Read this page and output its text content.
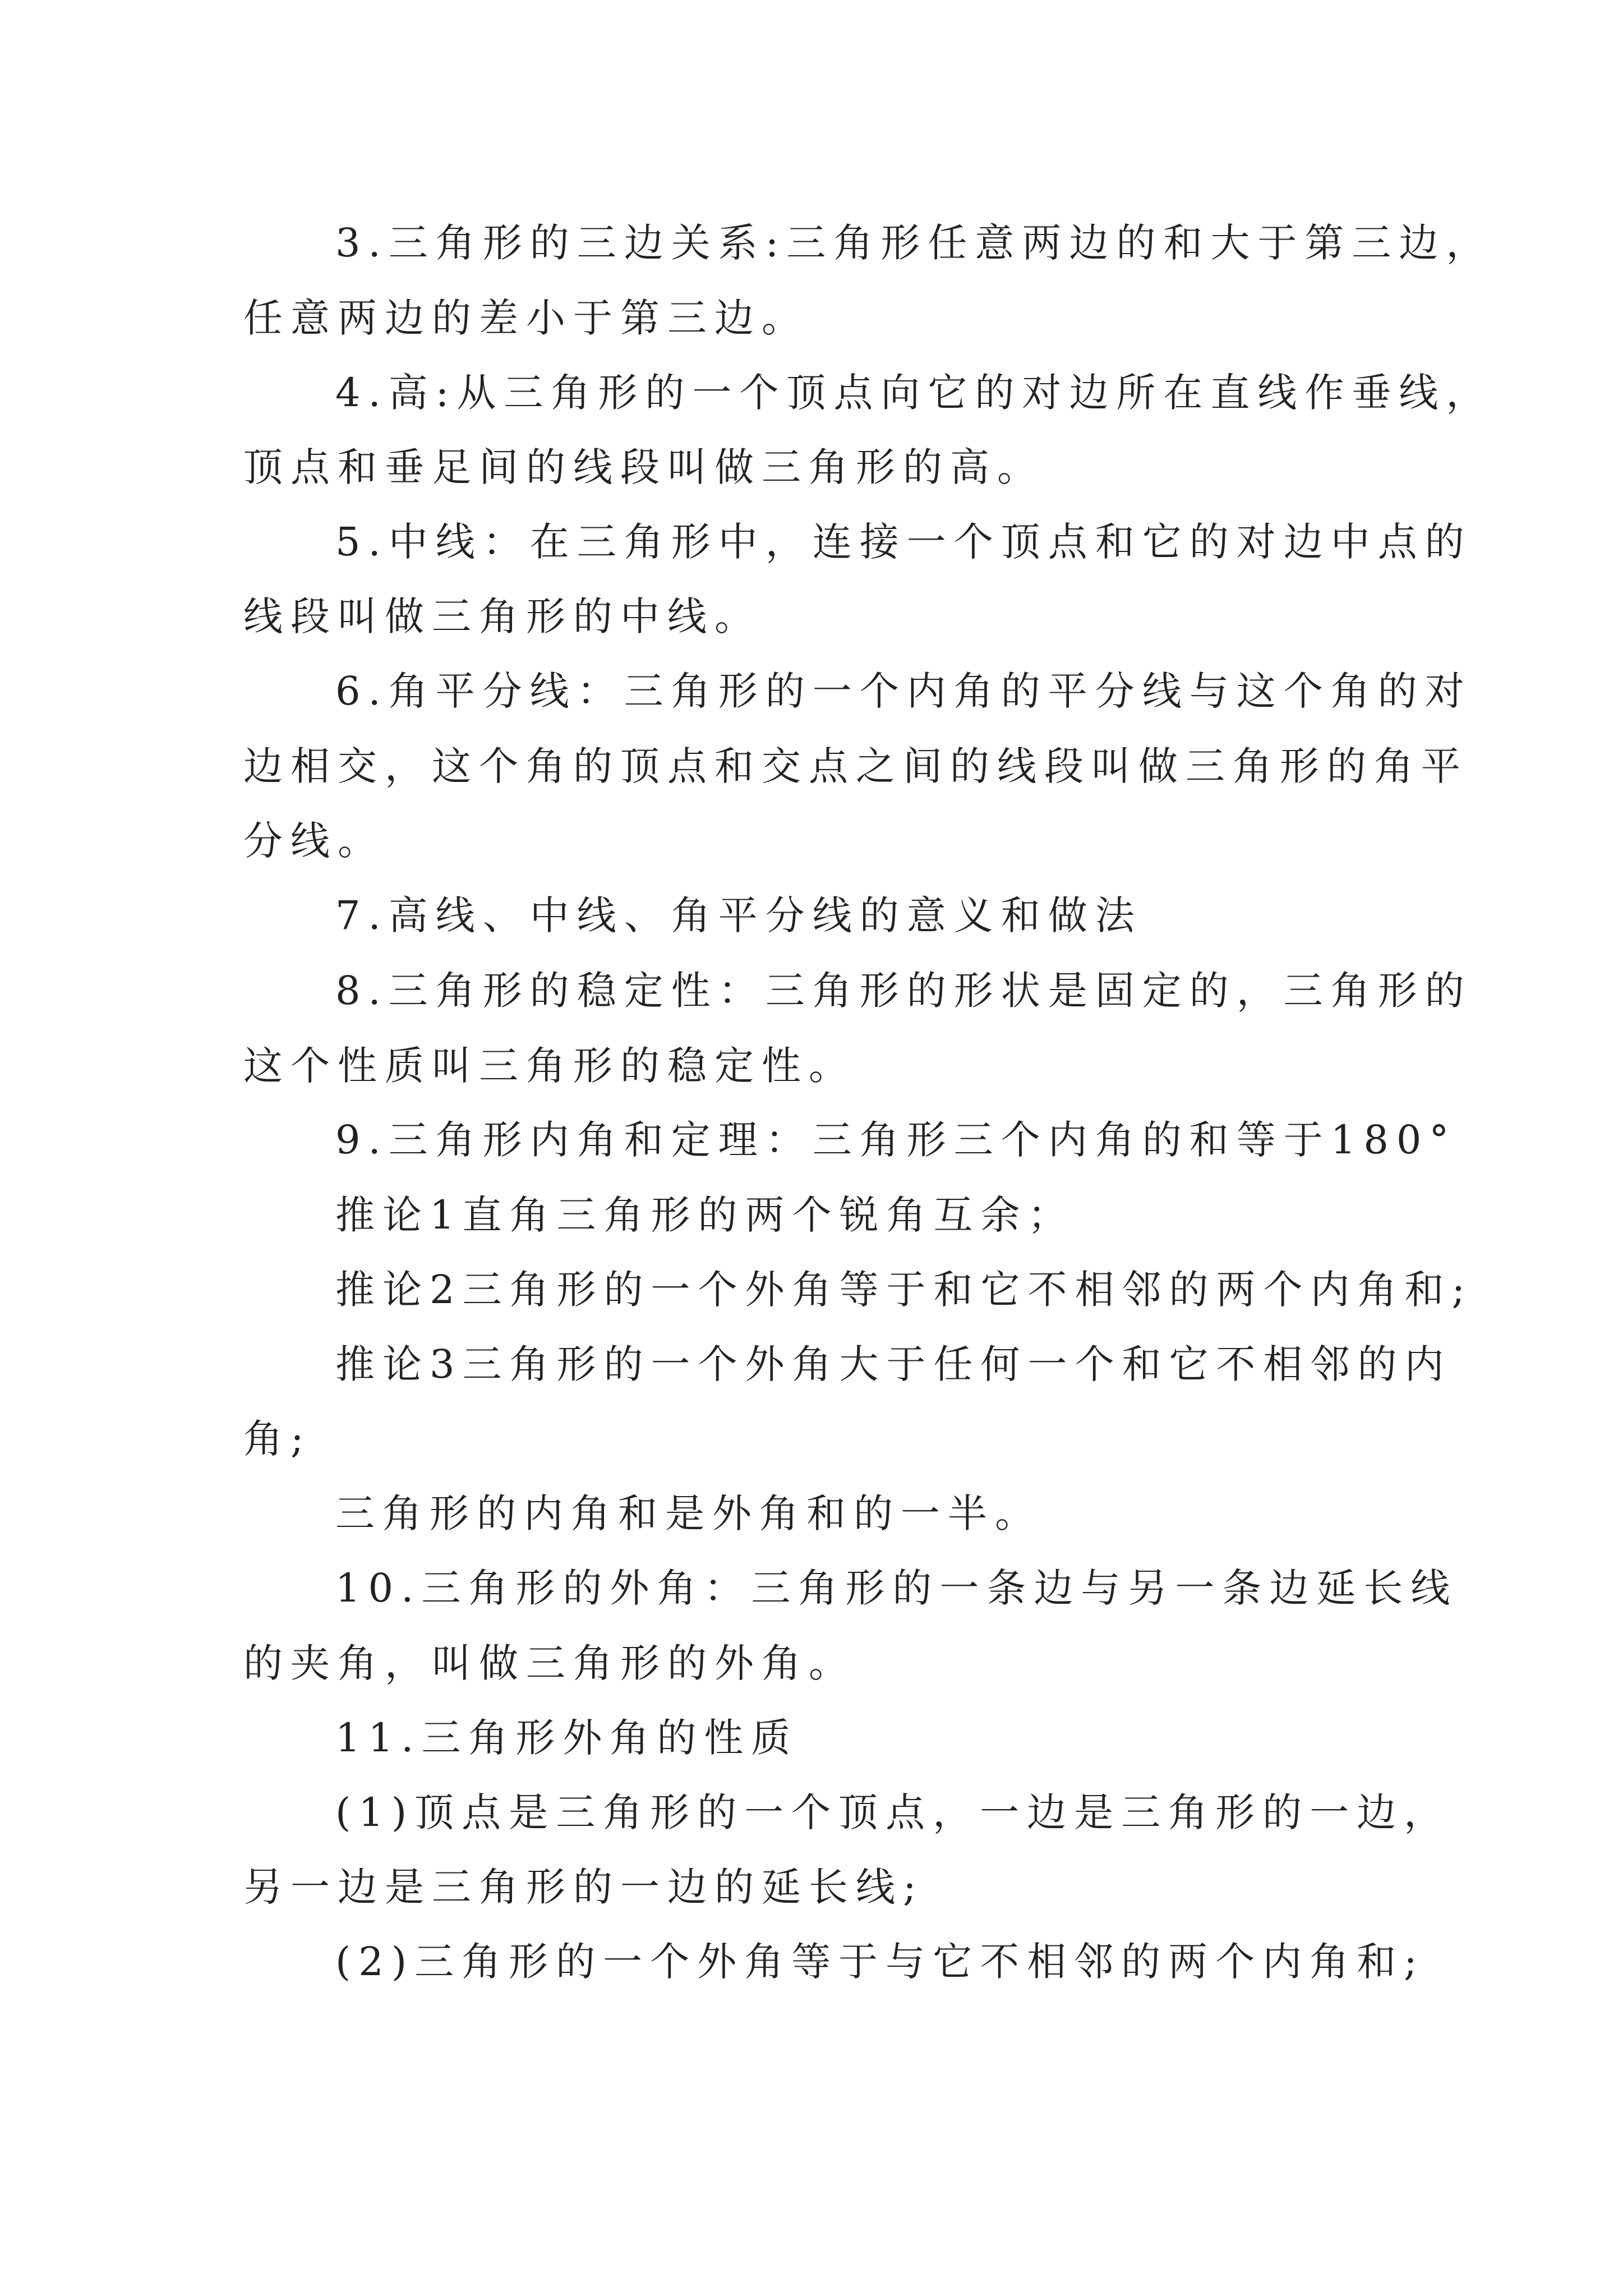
3.三角形的三边关系:三角形任意两边的和大于第三边，

任意两边的差小于第三边。

4.高:从三角形的一个顶点向它的对边所在直线作垂线，

顶点和垂足间的线段叫做三角形的高。

5.中线：在三角形中，连接一个顶点和它的对边中点的

线段叫做三角形的中线。

6.角平分线：三角形的一个内角的平分线与这个角的对

边相交，这个角的顶点和交点之间的线段叫做三角形的角平

分线。

7.高线、中线、角平分线的意义和做法

8.三角形的稳定性：三角形的形状是固定的，三角形的

这个性质叫三角形的稳定性。

9.三角形内角和定理：三角形三个内角的和等于180°

推论1直角三角形的两个锐角互余；

推论2三角形的一个外角等于和它不相邻的两个内角和;

推论3三角形的一个外角大于任何一个和它不相邻的内

角;

三角形的内角和是外角和的一半。

10.三角形的外角：三角形的一条边与另一条边延长线

的夹角，叫做三角形的外角。

11.三角形外角的性质

(1)顶点是三角形的一个顶点，一边是三角形的一边，

另一边是三角形的一边的延长线;

(2)三角形的一个外角等于与它不相邻的两个内角和;
